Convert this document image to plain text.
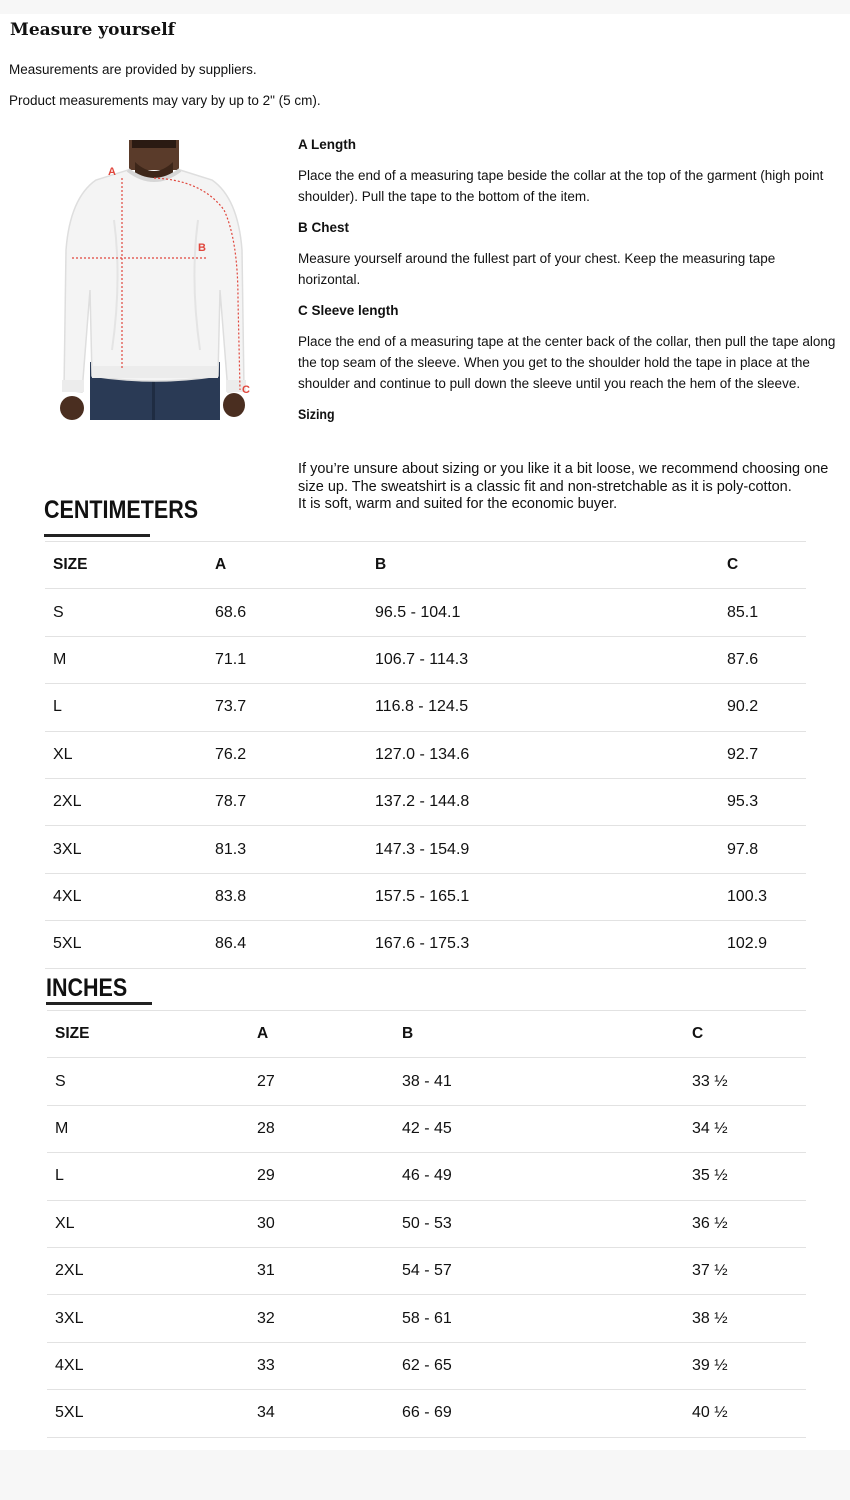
Measure yourself
Measurements are provided by suppliers.
Product measurements may vary by up to 2" (5 cm).
A
B
C
A Length
Place the end of a measuring tape beside the collar at the top of the garment (high point shoulder). Pull the tape to the bottom of the item.
B Chest
Measure yourself around the fullest part of your chest. Keep the measuring tape horizontal.
C Sleeve length
Place the end of a measuring tape at the center back of the collar, then pull the tape along the top seam of the sleeve. When you get to the shoulder hold the tape in place at the shoulder and continue to pull down the sleeve until you reach the hem of the sleeve.
Sizing
If you’re unsure about sizing or you like it a bit loose, we recommend choosing one size up. The sweatshirt is a classic fit and non-stretchable as it is poly-cotton.
It is soft, warm and suited for the economic buyer.
CENTIMETERS
SIZE	A	B	C

S	68.6	96.5 - 104.1	85.1

M	71.1	106.7 - 114.3	87.6

L	73.7	116.8 - 124.5	90.2

XL	76.2	127.0 - 134.6	92.7

2XL	78.7	137.2 - 144.8	95.3

3XL	81.3	147.3 - 154.9	97.8

4XL	83.8	157.5 - 165.1	100.3

5XL	86.4	167.6 - 175.3	102.9
INCHES
SIZE	A	B	C

S	27	38 - 41	33 ½

M	28	42 - 45	34 ½

L	29	46 - 49	35 ½

XL	30	50 - 53	36 ½

2XL	31	54 - 57	37 ½

3XL	32	58 - 61	38 ½

4XL	33	62 - 65	39 ½

5XL	34	66 - 69	40 ½
